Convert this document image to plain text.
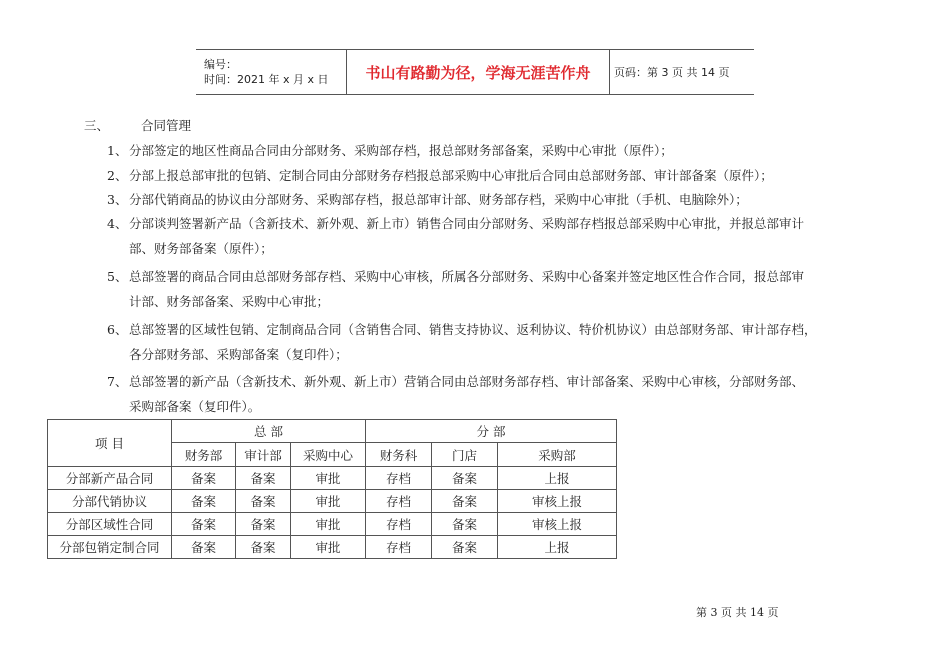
编号：
时间：2021 年 x 月 x 日	书山有路勤为径，学海无涯苦作舟	页码：第 3 页 共 14 页
三、	合同管理
1、 分部签定的地区性商品合同由分部财务、采购部存档，报总部财务部备案，采购中心审批（原件）；
2、 分部上报总部审批的包销、定制合同由分部财务存档报总部采购中心审批后合同由总部财务部、审计部备案（原件）；
3、 分部代销商品的协议由分部财务、采购部存档，报总部审计部、财务部存档，采购中心审批（手机、电脑除外）；
4、 分部谈判签署新产品（含新技术、新外观、新上市）销售合同由分部财务、采购部存档报总部采购中心审批，并报总部审计
部、财务部备案（原件）；
5、 总部签署的商品合同由总部财务部存档、采购中心审核，所属各分部财务、采购中心备案并签定地区性合作合同，报总部审
计部、财务部备案、采购中心审批；
6、 总部签署的区域性包销、定制商品合同（含销售合同、销售支持协议、返利协议、特价机协议）由总部财务部、审计部存档，
各分部财务部、采购部备案（复印件）；
7、 总部签署的新产品（含新技术、新外观、新上市）营销合同由总部财务部存档、审计部备案、采购中心审核，分部财务部、
采购部备案（复印件）。
项 目	总 部			分 部		
	财务部	审计部	采购中心	财务科	门店	采购部
分部新产品合同	备案	备案	审批	存档	备案	上报
分部代销协议	备案	备案	审批	存档	备案	审核上报
分部区域性合同	备案	备案	审批	存档	备案	审核上报
分部包销定制合同	备案	备案	审批	存档	备案	上报
第 3 页 共 14 页
